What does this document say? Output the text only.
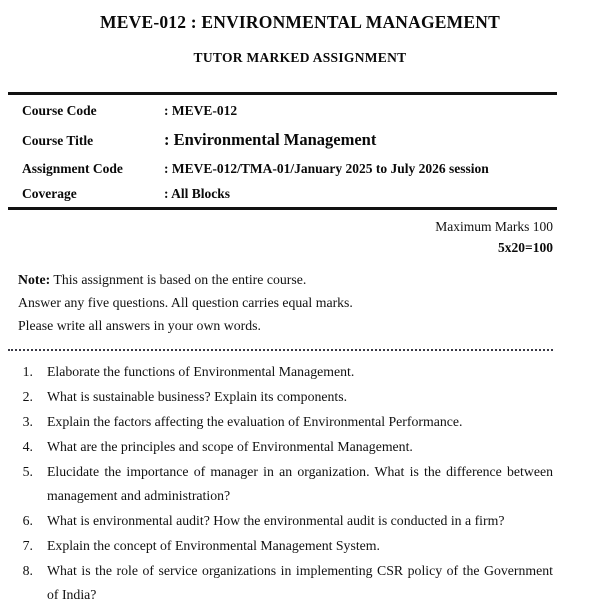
MEVE-012 : ENVIRONMENTAL MANAGEMENT
TUTOR MARKED ASSIGNMENT
Course Code	: MEVE-012
Course Title	: Environmental Management
Assignment Code	: MEVE-012/TMA-01/January 2025 to July 2026 session
Coverage	: All Blocks
Maximum Marks 100
5x20=100

Note: This assignment is based on the entire course.

Answer any five questions. All question carries equal marks.

Please write all answers in your own words.

1.	Elaborate the functions of Environmental Management.
2.	What is sustainable business? Explain its components.
3.	Explain the factors affecting the evaluation of Environmental Performance.
4.	What are the principles and scope of Environmental Management.
5.	Elucidate the importance of manager in an organization. What is the difference between management and administration?
6.	What is environmental audit? How the environmental audit is conducted in a firm?
7.	Explain the concept of Environmental Management System.
8.	What is the role of service organizations in implementing CSR policy of the Government of India?
